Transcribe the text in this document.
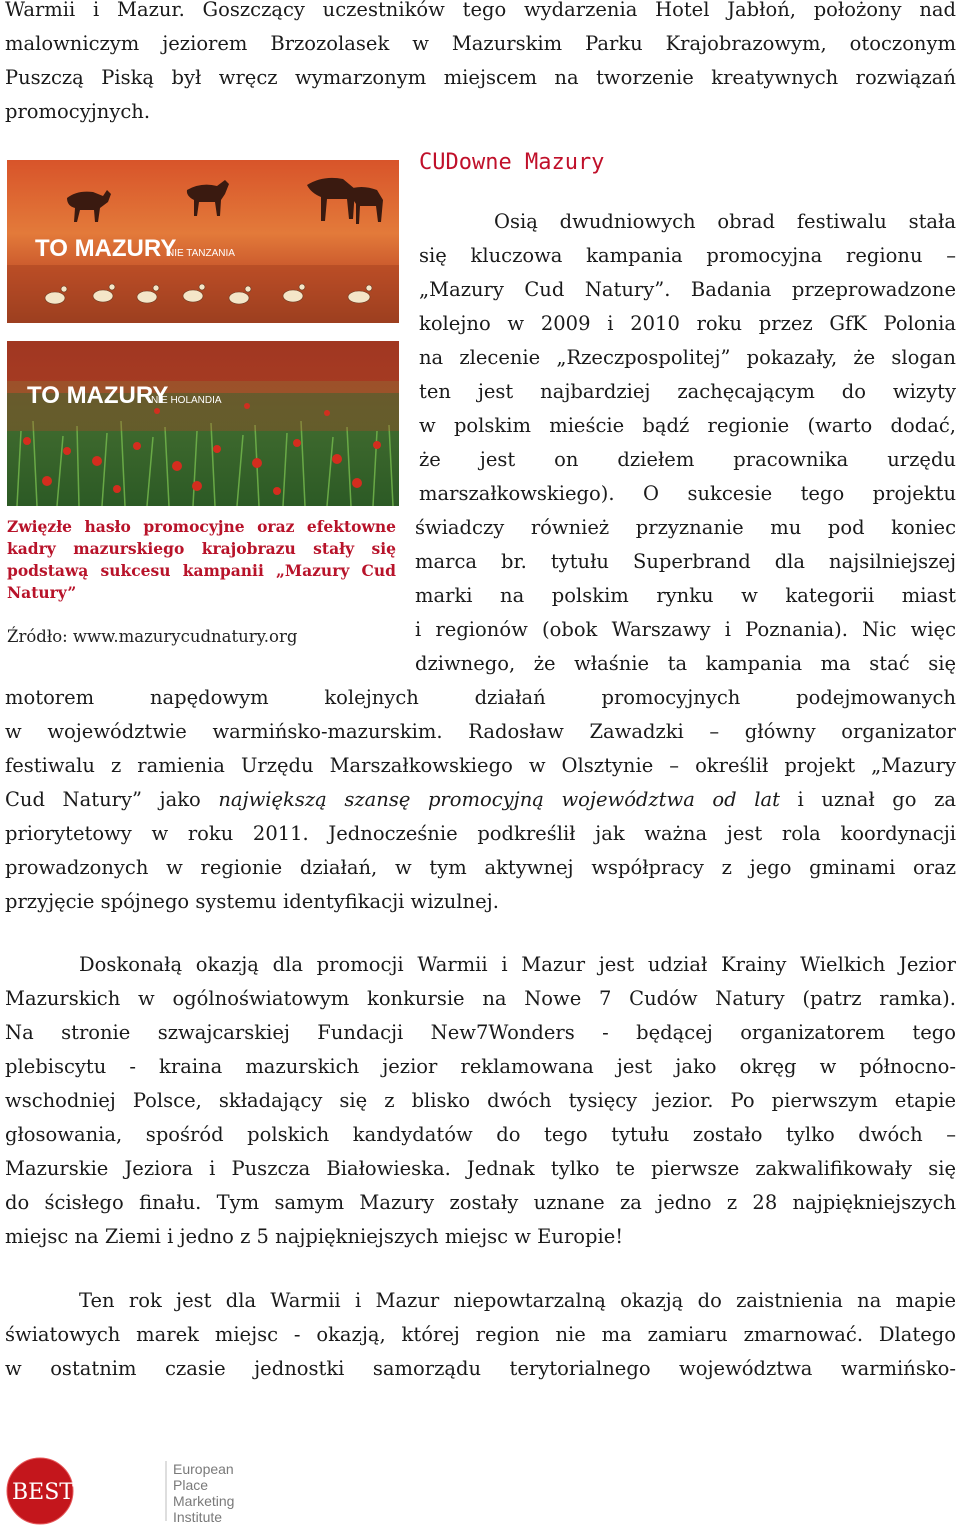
Warmii i Mazur. Goszczący uczestników tego wydarzenia Hotel Jabłoń, położony nad
malowniczym jeziorem Brzozolasek w Mazurskim Parku Krajobrazowym, otoczonym
Puszczą Piską był wręcz wymarzonym miejscem na tworzenie kreatywnych rozwiązań
promocyjnych.
TO MAZURY
NIE TANZANIA
TO MAZURY
NIE HOLANDIA

Zwięzłe hasło promocyjne oraz efektowne kadry mazurskiego krajobrazu stały się podstawą sukcesu kampanii „Mazury Cud Natury”

Źródło: www.mazurycudnatury.org
CUDowne Mazury
Osią dwudniowych obrad festiwalu stała
się kluczowa kampania promocyjna regionu –
„Mazury Cud Natury”. Badania przeprowadzone
kolejno w 2009 i 2010 roku przez GfK Polonia
na zlecenie „Rzeczpospolitej” pokazały, że slogan
ten jest najbardziej zachęcającym do wizyty
w polskim mieście bądź regionie (warto dodać,
że jest on dziełem pracownika urzędu
marszałkowskiego). O sukcesie tego projektu
świadczy również przyznanie mu pod koniec
marca br. tytułu Superbrand dla najsilniejszej
marki na polskim rynku w kategorii miast
i regionów (obok Warszawy i Poznania). Nic więc
dziwnego, że właśnie ta kampania ma stać się
motorem napędowym kolejnych działań promocyjnych podejmowanych
w województwie warmińsko-mazurskim. Radosław Zawadzki – główny organizator
festiwalu z ramienia Urzędu Marszałkowskiego w Olsztynie – określił projekt „Mazury
Cud Natury” jako największą szansę promocyjną województwa od lat i uznał go za
priorytetowy w roku 2011. Jednocześnie podkreślił jak ważna jest rola koordynacji
prowadzonych w regionie działań, w tym aktywnej współpracy z jego gminami oraz
przyjęcie spójnego systemu identyfikacji wizulnej.
Doskonałą okazją dla promocji Warmii i Mazur jest udział Krainy Wielkich Jezior
Mazurskich w ogólnoświatowym konkursie na Nowe 7 Cudów Natury (patrz ramka).
Na stronie szwajcarskiej Fundacji New7Wonders - będącej organizatorem tego
plebiscytu - kraina mazurskich jezior reklamowana jest jako okręg w północno-
wschodniej Polsce, składający się z blisko dwóch tysięcy jezior. Po pierwszym etapie
głosowania, spośród polskich kandydatów do tego tytułu zostało tylko dwóch –
Mazurskie Jeziora i Puszcza Białowieska. Jednak tylko te pierwsze zakwalifikowały się
do ścisłego finału. Tym samym Mazury zostały uznane za jedno z 28 najpiękniejszych
miejsc na Ziemi i jedno z 5 najpiękniejszych miejsc w Europie!
Ten rok jest dla Warmii i Mazur niepowtarzalną okazją do zaistnienia na mapie
światowych marek miejsc - okazją, której region nie ma zamiaru zmarnować. Dlatego
w ostatnim czasie jednostki samorządu terytorialnego województwa warmińsko-
BEST PLACE
European
Place
Marketing
Institute
